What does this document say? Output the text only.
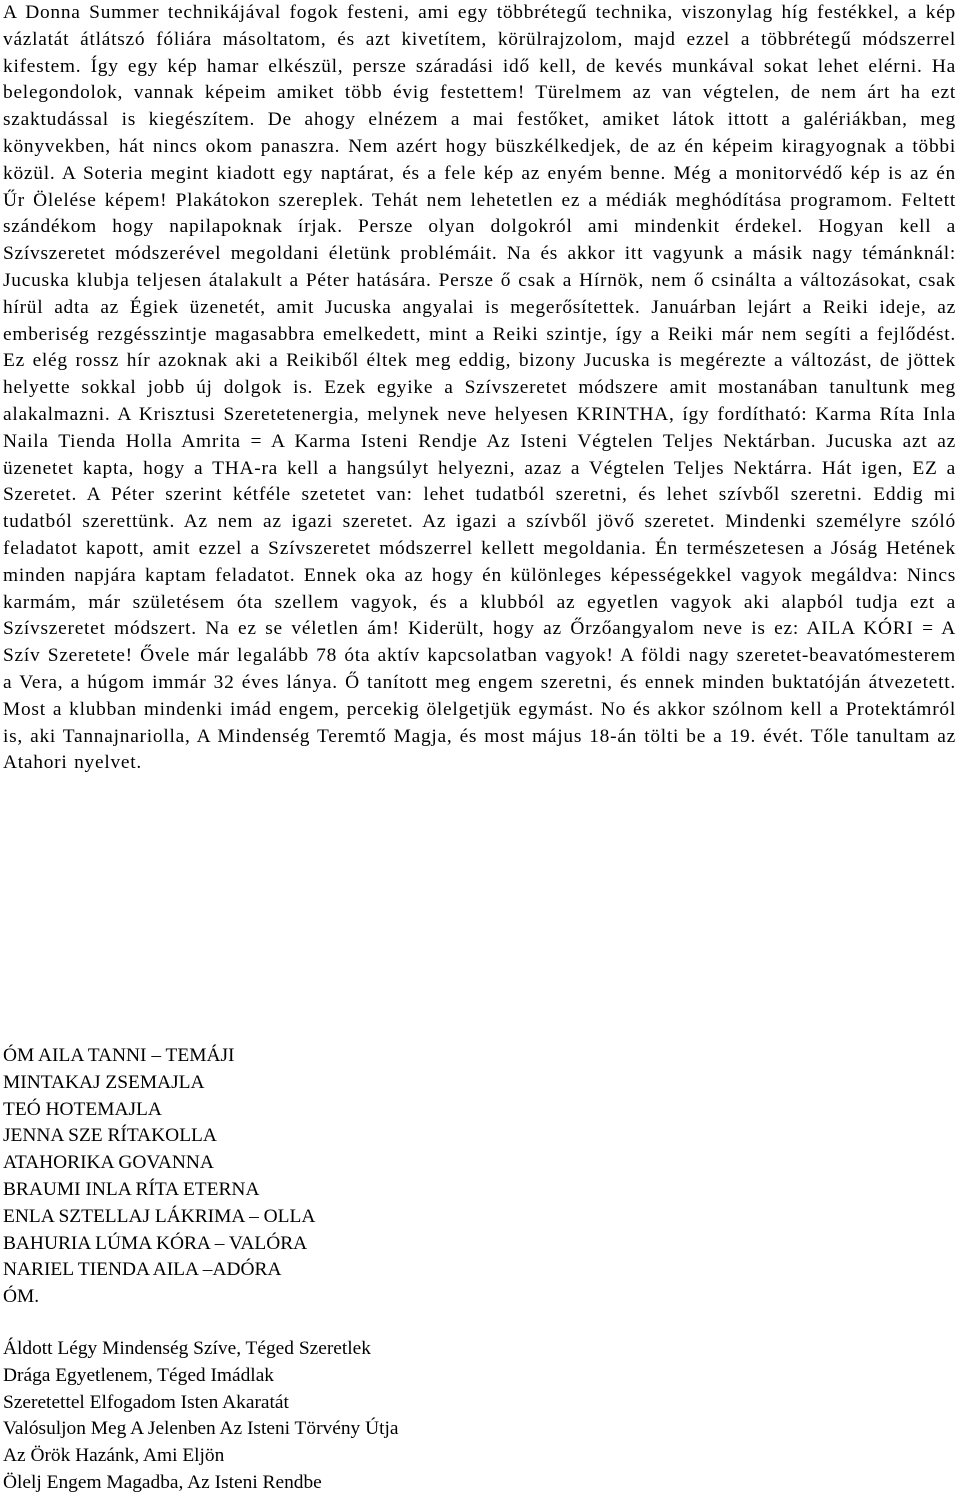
A Donna Summer technikájával fogok festeni, ami egy többrétegű technika, viszonylag híg festékkel, a kép vázlatát átlátszó fóliára másoltatom, és azt kivetítem, körülrajzolom, majd ezzel a többrétegű módszerrel kifestem. Így egy kép hamar elkészül, persze száradási idő kell, de kevés munkával sokat lehet elérni. Ha belegondolok, vannak képeim amiket több évig festettem! Türelmem az van végtelen, de nem árt ha ezt szaktudással is kiegészítem. De ahogy elnézem a mai festőket, amiket látok ittott a galériákban, meg könyvekben, hát nincs okom panaszra. Nem azért hogy büszkélkedjek, de az én képeim kiragyognak a többi közül. A Soteria megint kiadott egy naptárat, és a fele kép az enyém benne. Még a monitorvédő kép is az én Űr Ölelése képem! Plakátokon szereplek. Tehát nem lehetetlen ez a médiák meghódítása programom. Feltett szándékom hogy napilapoknak írjak. Persze olyan dolgokról ami mindenkit érdekel. Hogyan kell a Szívszeretet módszerével megoldani életünk problémáit. Na és akkor itt vagyunk a másik nagy témánknál: Jucuska klubja teljesen átalakult a Péter hatására. Persze ő csak a Hírnök, nem ő csinálta a változásokat, csak hírül adta az Égiek üzenetét, amit Jucuska angyalai is megerősítettek. Januárban lejárt a Reiki ideje, az emberiség rezgésszintje magasabbra emelkedett, mint a Reiki szintje, így a Reiki már nem segíti a fejlődést. Ez elég rossz hír azoknak aki a Reikiből éltek meg eddig, bizony Jucuska is megérezte a változást, de jöttek helyette sokkal jobb új dolgok is. Ezek egyike a Szívszeretet módszere amit mostanában tanultunk meg alakalmazni. A Krisztusi Szeretetenergia, melynek neve helyesen KRINTHA, így fordítható: Karma Ríta Inla Naila Tienda Holla Amrita = A Karma Isteni Rendje Az Isteni Végtelen Teljes Nektárban. Jucuska azt az üzenetet kapta, hogy a THA-ra kell a hangsúlyt helyezni, azaz a Végtelen Teljes Nektárra. Hát igen, EZ a Szeretet. A Péter szerint kétféle szetetet van: lehet tudatból szeretni, és lehet szívből szeretni. Eddig mi tudatból szerettünk. Az nem az igazi szeretet. Az igazi a szívből jövő szeretet. Mindenki személyre szóló feladatot kapott, amit ezzel a Szívszeretet módszerrel kellett megoldania. Én természetesen a Jóság Hetének minden napjára kaptam feladatot. Ennek oka az hogy én különleges képességekkel vagyok megáldva: Nincs karmám, már születésem óta szellem vagyok, és a klubból az egyetlen vagyok aki alapból tudja ezt a Szívszeretet módszert. Na ez se véletlen ám! Kiderült, hogy az Őrzőangyalom neve is ez: AILA KÓRI = A Szív Szeretete! Ővele már legalább 78 óta aktív kapcsolatban vagyok! A földi nagy szeretet-beavatómesterem a Vera, a húgom immár 32 éves lánya. Ő tanított meg engem szeretni, és ennek minden buktatóján átvezetett. Most a klubban mindenki imád engem, percekig ölelgetjük egymást. No és akkor szólnom kell a Protektámról is, aki Tannajnariolla, A Mindenség Teremtő Magja, és most május 18-án tölti be a 19. évét. Tőle tanultam az Atahori nyelvet.

ÓM AILA TANNI – TEMÁJI
MINTAKAJ ZSEMAJLA
TEÓ HOTEMAJLA
JENNA SZE RÍTAKOLLA
ATAHORIKA GOVANNA
BRAUMI INLA RÍTA ETERNA
ENLA SZTELLAJ LÁKRIMA – OLLA
BAHURIA LÚMA KÓRA – VALÓRA
NARIEL TIENDA AILA –ADÓRA
ÓM.
Áldott Légy Mindenség Szíve, Téged Szeretlek
Drága Egyetlenem, Téged Imádlak
Szeretettel Elfogadom Isten Akaratát
Valósuljon Meg A Jelenben Az Isteni Törvény Útja
Az Örök Hazánk, Ami Eljön
Ölelj Engem Magadba, Az Isteni Rendbe
